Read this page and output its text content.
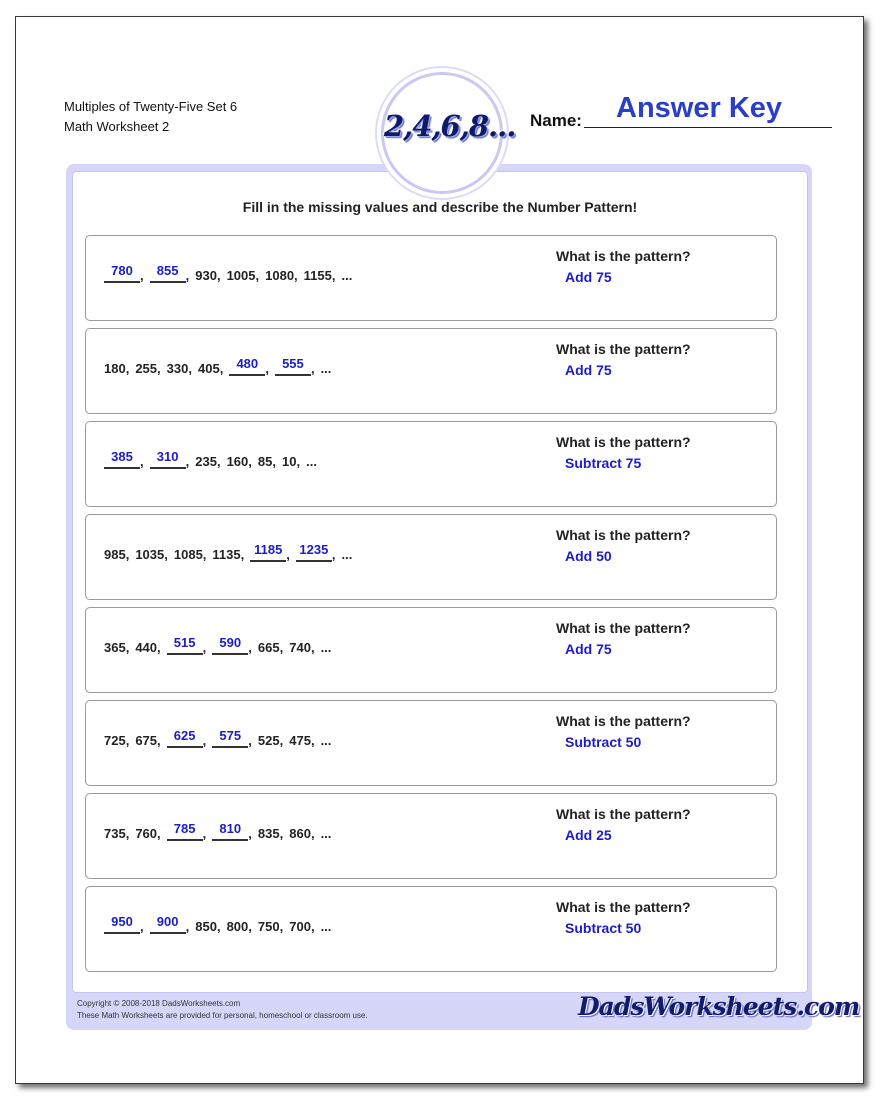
Multiples of Twenty-Five Set 6
Math Worksheet 2
Fill in the missing values and describe the Number Pattern!
780 ,	855 , 930 , 1005 , 1080 , 1155 , ...
What is the pattern?
Add 75
180 , 255 , 330 , 405 ,	480 ,	555 , ...
What is the pattern?
Add 75
385 ,	310 , 235 , 160 , 85 , 10 , ...
What is the pattern?
Subtract 75
985 , 1035 , 1085 , 1135 , 1185 , 1235 , ...
What is the pattern?
Add 50
365 , 440 ,	515 ,	590 , 665 , 740 , ...
What is the pattern?
Add 75
725 , 675 ,	625 ,	575 , 525 , 475 , ...
What is the pattern?
Subtract 50
735 , 760 ,	785 ,	810 , 835 , 860 , ...
What is the pattern?
Add 25
950 ,	900 , 850 , 800 , 750 , 700 , ...
What is the pattern?
Subtract 50
Copyright © 2008-2018 DadsWorksheets.com
These Math Worksheets are provided for personal, homeschool or classroom use.	DadsWorksheets.com
2,4,6,8... Name: Answer Key
